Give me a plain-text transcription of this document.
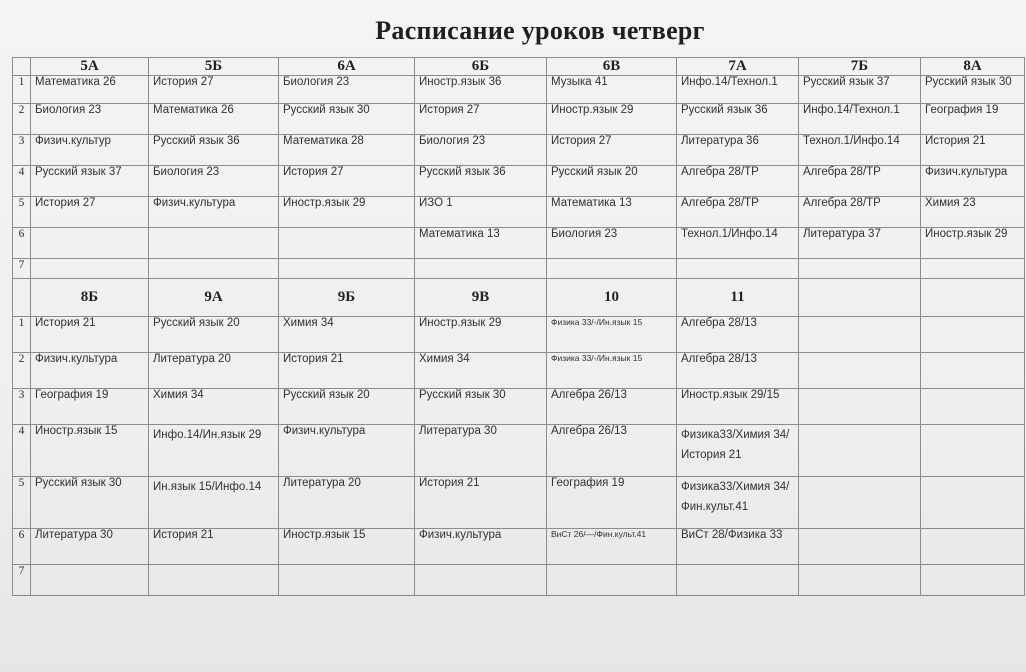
Расписание уроков четверг
	5А	5Б	6А	6Б	6В	7А	7Б	8А
1	Математика 26	История 27	Биология 23	Иностр.язык 36	Музыка 41	Инфо.14/Технол.1	Русский язык 37	Русский язык 30
2	Биология 23	Математика 26	Русский язык 30	История 27	Иностр.язык 29	Русский язык 36	Инфо.14/Технол.1	География 19
3	Физич.культур	Русский язык 36	Математика 28	Биология 23	История 27	Литература 36	Технол.1/Инфо.14	История 21
4	Русский язык 37	Биология 23	История 27	Русский язык 36	Русский язык 20	Алгебра 28/ТР	Алгебра 28/ТР	Физич.культура
5	История 27	Физич.культура	Иностр.язык 29	ИЗО 1	Математика 13	Алгебра 28/ТР	Алгебра 28/ТР	Химия 23
6				Математика 13	Биология 23	Технол.1/Инфо.14	Литература 37	Иностр.язык 29
7								
	8Б	9А	9Б	9В	10	11		
1	История 21	Русский язык 20	Химия 34	Иностр.язык 29	Физика 33/-/Ин.язык 15	Алгебра 28/13		
2	Физич.культура	Литература 20	История 21	Химия 34	Физика 33/-/Ин.язык 15	Алгебра 28/13		
3	География 19	Химия 34	Русский язык 20	Русский язык 30	Алгебра 26/13	Иностр.язык 29/15		
4	Иностр.язык 15	Инфо.14/Ин.язык 29	Физич.культура	Литература 30	Алгебра 26/13	Физика33/Химия 34/История 21		
5	Русский язык 30	Ин.язык 15/Инфо.14	Литература 20	История 21	География 19	Физика33/Химия 34/Фин.культ.41		
6	Литература 30	История 21	Иностр.язык 15	Физич.культура	ВиСт 26/—/Фин.культ.41	ВиСт 28/Физика 33		
7								
